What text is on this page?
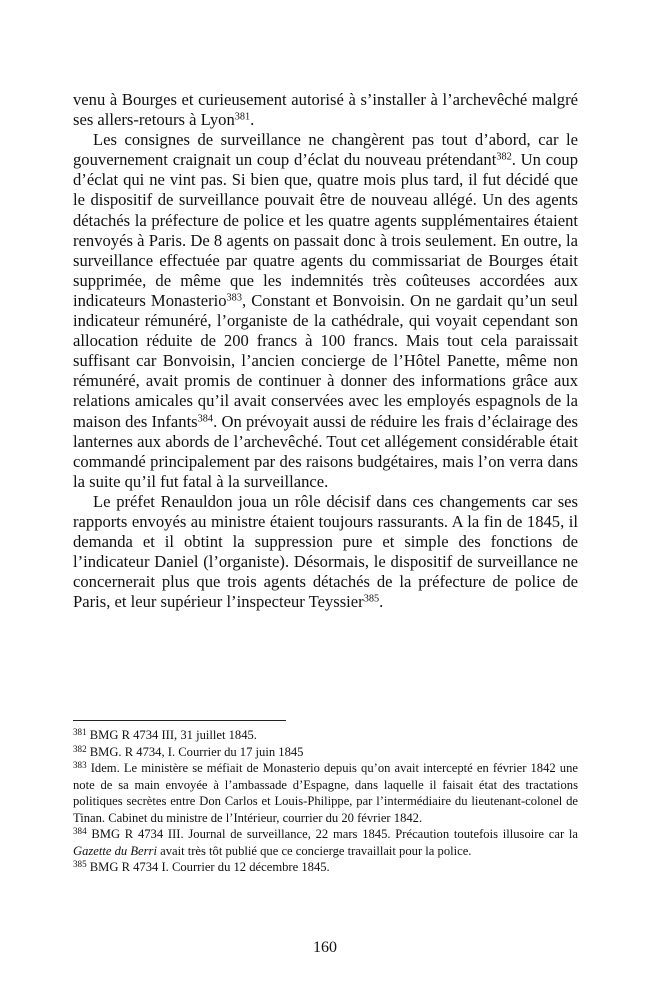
venu à Bourges et curieusement autorisé à s’installer à l’archevêché malgré ses allers-retours à Lyon$^{381}$.

Les consignes de surveillance ne changèrent pas tout d’abord, car le gouvernement craignait un coup d’éclat du nouveau prétendant$^{382}$. Un coup d’éclat qui ne vint pas. Si bien que, quatre mois plus tard, il fut décidé que le dispositif de surveillance pouvait être de nouveau allégé. Un des agents détachés la préfecture de police et les quatre agents supplémentaires étaient renvoyés à Paris. De 8 agents on passait donc à trois seulement. En outre, la surveillance effectuée par quatre agents du commissariat de Bourges était supprimée, de même que les indemnités très coûteuses accordées aux indicateurs Monasterio$^{383}$, Constant et Bonvoisin. On ne gardait qu’un seul indicateur rémunéré, l’organiste de la cathédrale, qui voyait cependant son allocation réduite de 200 francs à 100 francs. Mais tout cela paraissait suffisant car Bonvoisin, l’ancien concierge de l’Hôtel Panette, même non rémunéré, avait promis de continuer à donner des informations grâce aux relations amicales qu’il avait conservées avec les employés espagnols de la maison des Infants$^{384}$. On prévoyait aussi de réduire les frais d’éclairage des lanternes aux abords de l’archevêché. Tout cet allégement considérable était commandé principalement par des raisons budgétaires, mais l’on verra dans la suite qu’il fut fatal à la surveillance.

Le préfet Renauldon joua un rôle décisif dans ces changements car ses rapports envoyés au ministre étaient toujours rassurants. A la fin de 1845, il demanda et il obtint la suppression pure et simple des fonctions de l’indicateur Daniel (l’organiste). Désormais, le dispositif de surveillance ne concernerait plus que trois agents détachés de la préfecture de police de Paris, et leur supérieur l’inspecteur Teyssier$^{385}$.

$^{381}$ BMG R 4734 III, 31 juillet 1845.

$^{382}$ BMG. R 4734, I. Courrier du 17 juin 1845

$^{383}$ Idem. Le ministère se méfiait de Monasterio depuis qu’on avait intercepté en février 1842 une note de sa main envoyée à l’ambassade d’Espagne, dans laquelle il faisait état des tractations politiques secrètes entre Don Carlos et Louis-Philippe, par l’intermédiaire du lieutenant-colonel de Tinan. Cabinet du ministre de l’Intérieur, courrier du 20 février 1842.

$^{384}$ BMG R 4734 III. Journal de surveillance, 22 mars 1845. Précaution toutefois illusoire car la Gazette du Berri avait très tôt publié que ce concierge travaillait pour la police.

$^{385}$ BMG R 4734 I. Courrier du 12 décembre 1845.

160
